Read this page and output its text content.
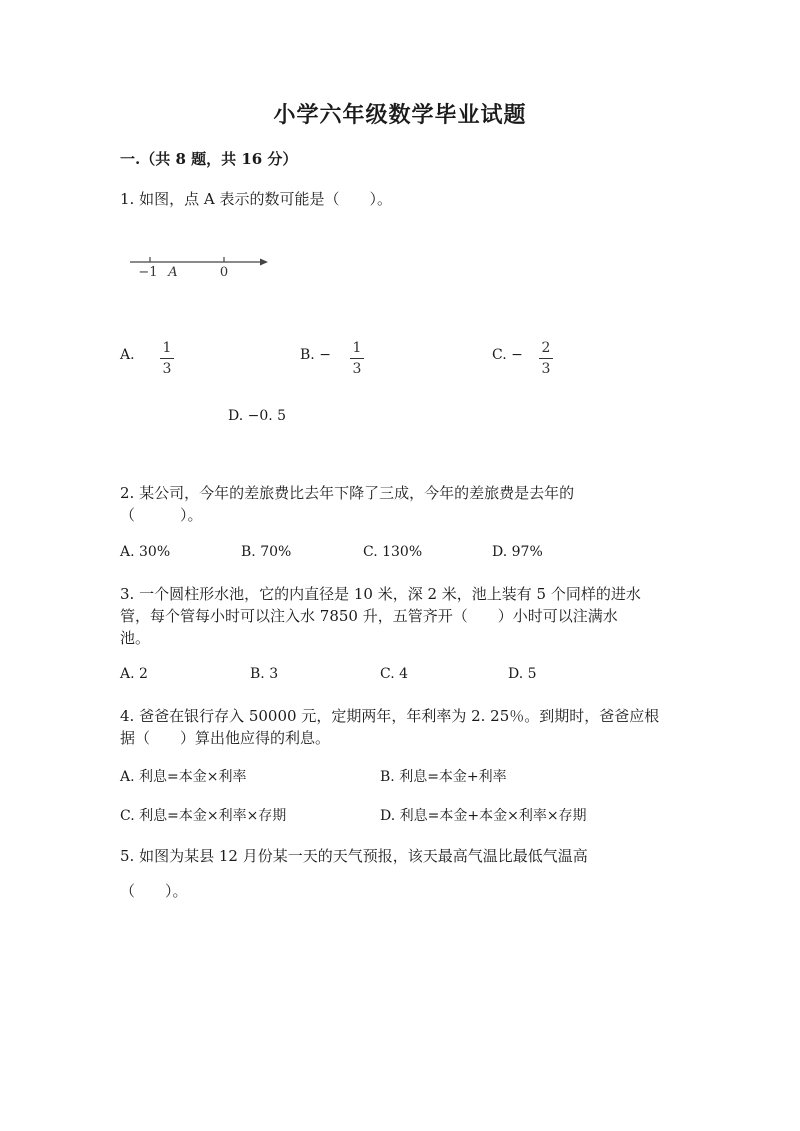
小学六年级数学毕业试题
一.（共 8 题，共 16 分）
1. 如图，点 A 表示的数可能是（　　）。
−1 A	0
A. 1
3
B. − 1
3
C. − 2
3
D. −0. 5
2. 某公司，今年的差旅费比去年下降了三成，今年的差旅费是去年的
（　　　）。
A. 30%	B. 70%	C. 130%	D. 97%
3. 一个圆柱形水池，它的内直径是 10 米，深 2 米，池上装有 5 个同样的进水
管，每个管每小时可以注入水 7850 升，五管齐开（　　）小时可以注满水
池。
A. 2	B. 3	C. 4	D. 5
4. 爸爸在银行存入 50000 元，定期两年，年利率为 2. 25％。到期时，爸爸应根
据（　　）算出他应得的利息。
A. 利息=本金×利率	B. 利息=本金+利率
C. 利息=本金×利率×存期	D. 利息=本金+本金×利率×存期
5. 如图为某县 12 月份某一天的天气预报，该天最高气温比最低气温高
（　　）。
